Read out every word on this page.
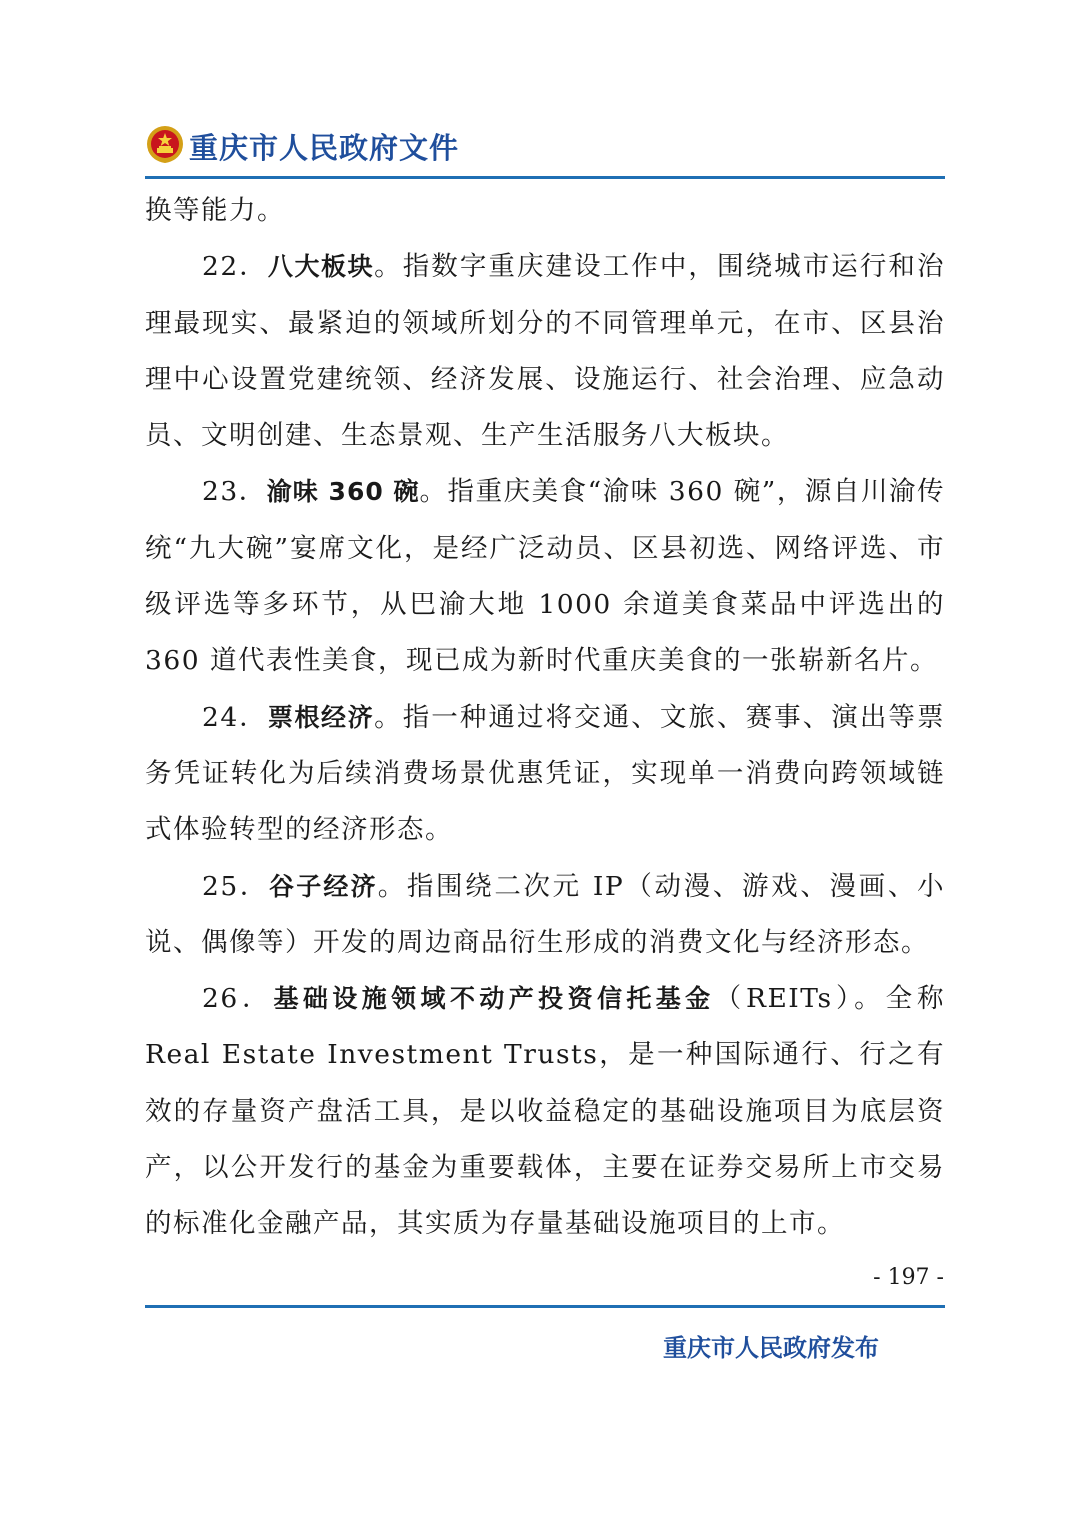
重庆市人民政府文件

换等能力。

22．八大板块。指数字重庆建设工作中，围绕城市运行和治理最现实、最紧迫的领域所划分的不同管理单元，在市、区县治理中心设置党建统领、经济发展、设施运行、社会治理、应急动员、文明创建、生态景观、生产生活服务八大板块。

23．渝味 360 碗。指重庆美食“渝味 360 碗”，源自川渝传统“九大碗”宴席文化，是经广泛动员、区县初选、网络评选、市级评选等多环节，从巴渝大地 1000 余道美食菜品中评选出的 360 道代表性美食，现已成为新时代重庆美食的一张崭新名片。

24．票根经济。指一种通过将交通、文旅、赛事、演出等票务凭证转化为后续消费场景优惠凭证，实现单一消费向跨领域链式体验转型的经济形态。

25．谷子经济。指围绕二次元 IP（动漫、游戏、漫画、小说、偶像等）开发的周边商品衍生形成的消费文化与经济形态。

26．基础设施领域不动产投资信托基金（REITs）。全称 Real Estate Investment Trusts，是一种国际通行、行之有效的存量资产盘活工具，是以收益稳定的基础设施项目为底层资产，以公开发行的基金为重要载体，主要在证券交易所上市交易的标准化金融产品，其实质为存量基础设施项目的上市。

- 197 -
重庆市人民政府发布
